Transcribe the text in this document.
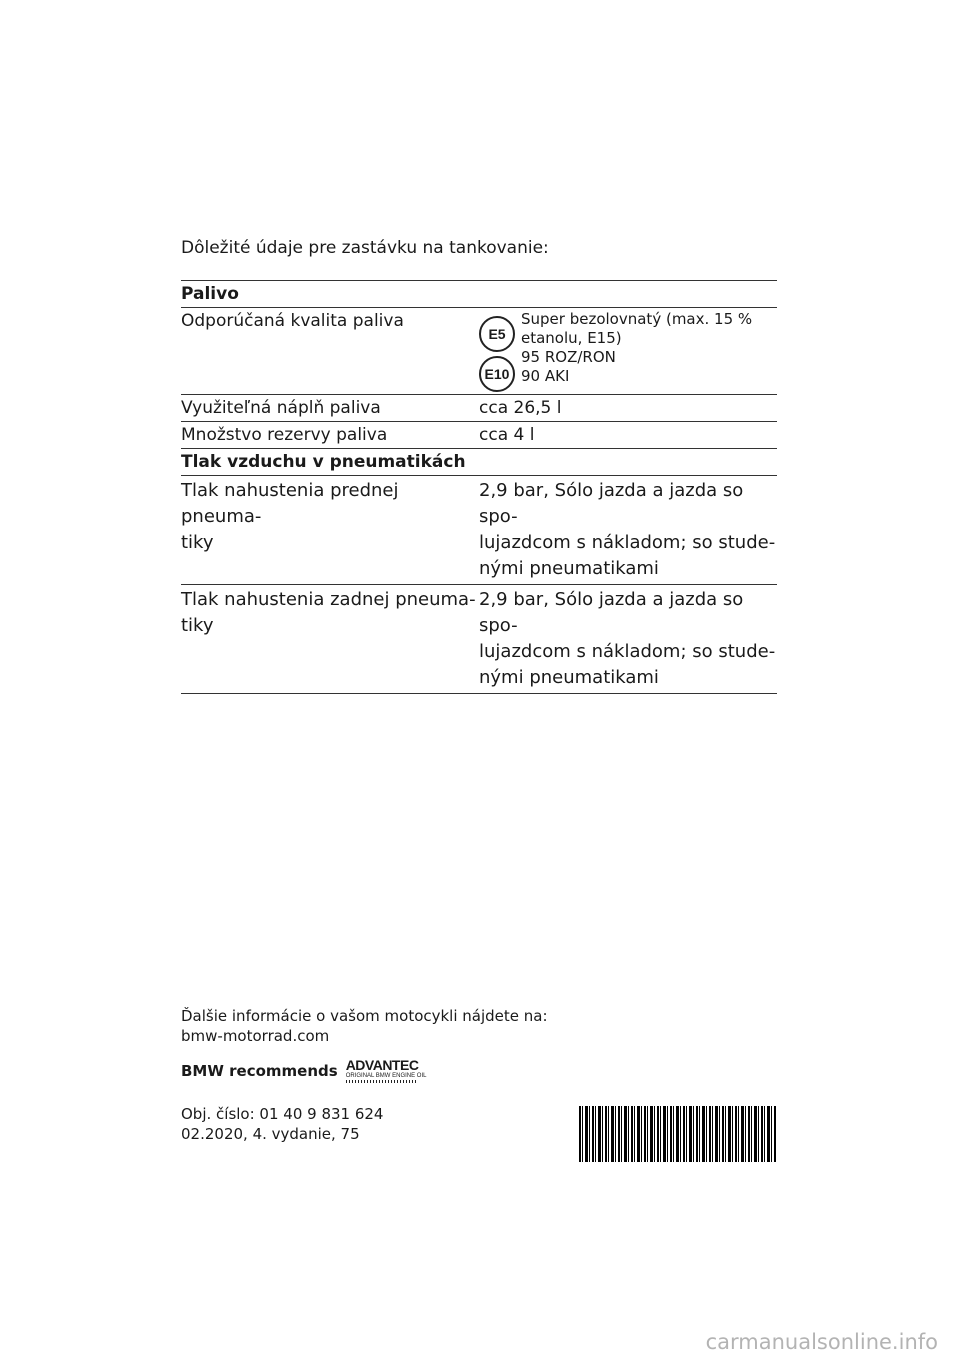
Dôležité údaje pre zastávku na tankovanie:
Palivo
Odporúčaná kvalita paliva
E5
E10
Super bezolovnatý (max. 15 %
etanolu, E15)
95 ROZ/RON
90 AKI
Využiteľná náplň paliva	cca 26,5 l
Množstvo rezervy paliva	cca 4 l
Tlak vzduchu v pneumatikách
Tlak nahustenia prednej pneuma-
tiky
2,9 bar, Sólo jazda a jazda so spo-
lujazdcom s nákladom; so stude-
nými pneumatikami
Tlak nahustenia zadnej pneuma-
tiky
2,9 bar, Sólo jazda a jazda so spo-
lujazdcom s nákladom; so stude-
nými pneumatikami
Ďalšie informácie o vašom motocykli nájdete na:
bmw-motorrad.com
BMW recommends ADVANTEC
ORIGINAL BMW ENGINE OIL
Obj. číslo: 01 40 9 831 624
02.2020, 4. vydanie, 75
carmanualsonline.info
